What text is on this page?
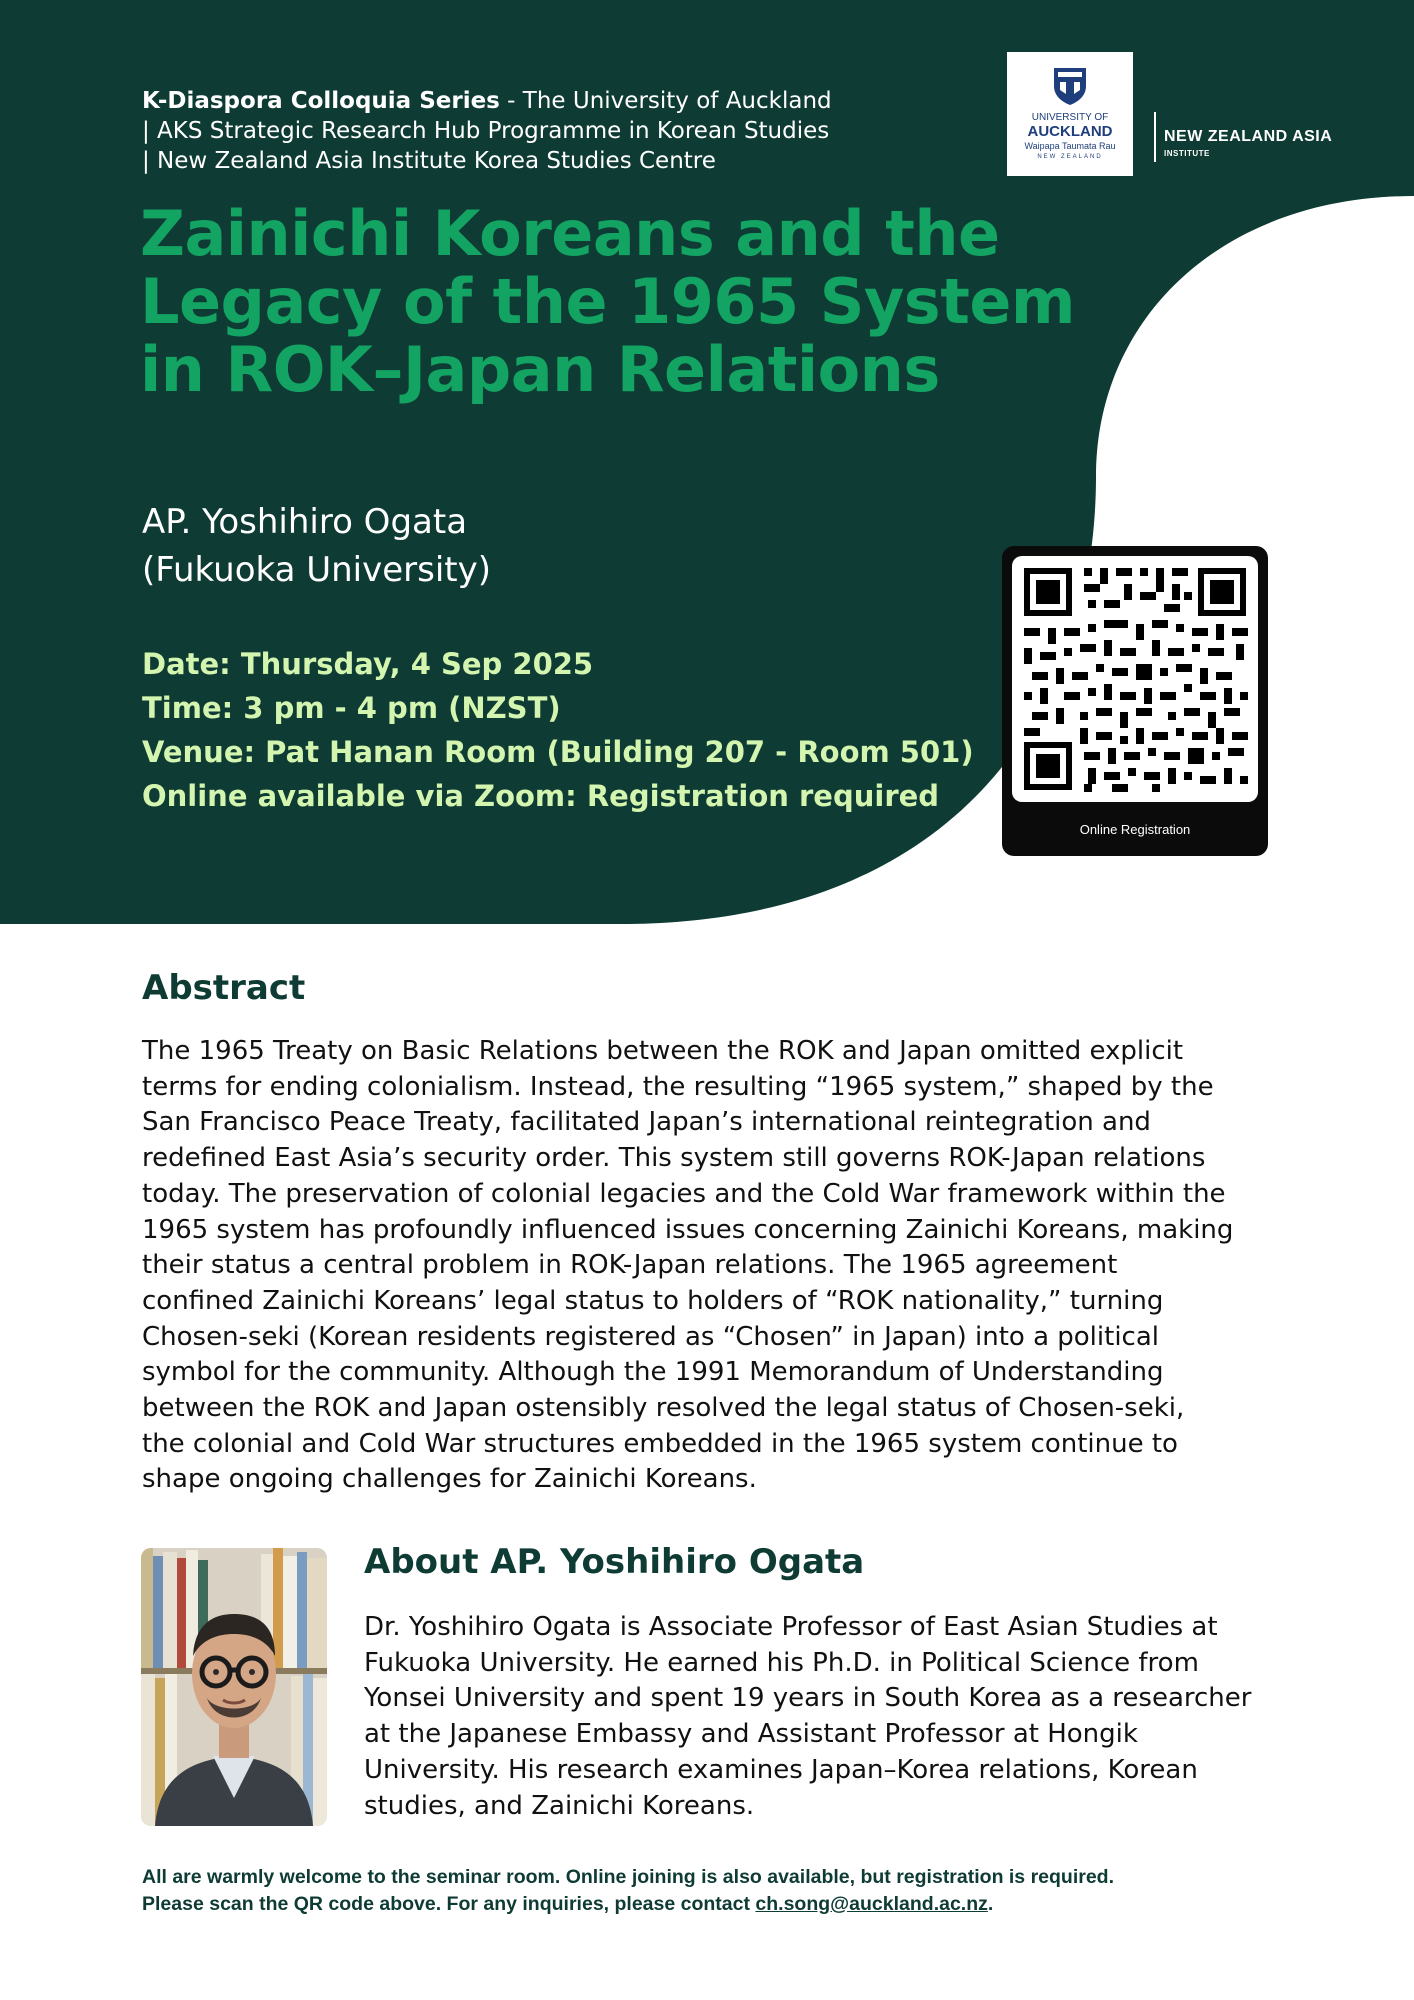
K-Diaspora Colloquia Series - The University of Auckland
| AKS Strategic Research Hub Programme in Korean Studies
| New Zealand Asia Institute Korea Studies Centre
UNIVERSITY OF
AUCKLAND
Waipapa Taumata Rau
NEW ZEALAND
NEW ZEALAND ASIA
INSTITUTE
Zainichi Koreans and the
Legacy of the 1965 System
in ROK–Japan Relations
AP. Yoshihiro Ogata
(Fukuoka University)
Date: Thursday, 4 Sep 2025
Time: 3 pm - 4 pm (NZST)
Venue: Pat Hanan Room (Building 207 - Room 501)
Online available via Zoom: Registration required
Online Registration
Abstract
The 1965 Treaty on Basic Relations between the ROK and Japan omitted explicit
terms for ending colonialism. Instead, the resulting “1965 system,” shaped by the
San Francisco Peace Treaty, facilitated Japan’s international reintegration and
redefined East Asia’s security order. This system still governs ROK-Japan relations
today. The preservation of colonial legacies and the Cold War framework within the
1965 system has profoundly influenced issues concerning Zainichi Koreans, making
their status a central problem in ROK-Japan relations. The 1965 agreement
confined Zainichi Koreans’ legal status to holders of “ROK nationality,” turning
Chosen-seki (Korean residents registered as “Chosen” in Japan) into a political
symbol for the community. Although the 1991 Memorandum of Understanding
between the ROK and Japan ostensibly resolved the legal status of Chosen-seki,
the colonial and Cold War structures embedded in the 1965 system continue to
shape ongoing challenges for Zainichi Koreans.
About AP. Yoshihiro Ogata
Dr. Yoshihiro Ogata is Associate Professor of East Asian Studies at
Fukuoka University. He earned his Ph.D. in Political Science from
Yonsei University and spent 19 years in South Korea as a researcher
at the Japanese Embassy and Assistant Professor at Hongik
University. His research examines Japan–Korea relations, Korean
studies, and Zainichi Koreans.
All are warmly welcome to the seminar room. Online joining is also available, but registration is required.
Please scan the QR code above. For any inquiries, please contact ch.song@auckland.ac.nz.
